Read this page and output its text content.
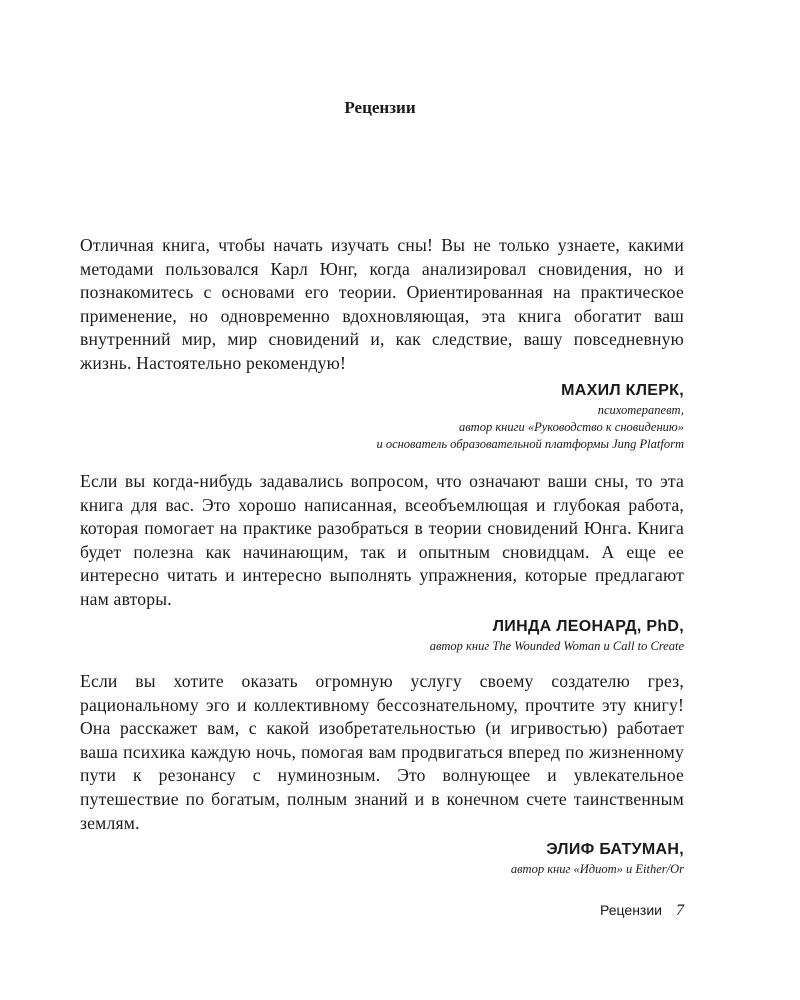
Рецензии

Отличная книга, чтобы начать изучать сны! Вы не только узнаете, какими методами пользовался Карл Юнг, когда анализировал сновидения, но и познакомитесь с основами его теории. Ориентированная на практическое применение, но одновременно вдохновляющая, эта книга обогатит ваш внутренний мир, мир сновидений и, как следствие, вашу повседневную жизнь. Настоятельно рекомендую!

МАХИЛ КЛЕРК,
психотерапевт,
автор книги «Руководство к сновидению»
и основатель образовательной платформы Jung Platform

Если вы когда-нибудь задавались вопросом, что означают ваши сны, то эта книга для вас. Это хорошо написанная, всеобъемлющая и глубокая работа, которая помогает на практике разобраться в теории сновидений Юнга. Книга будет полезна как начинающим, так и опытным сновидцам. А еще ее интересно читать и интересно выполнять упражнения, которые предлагают нам авторы.

ЛИНДА ЛЕОНАРД, PhD,
автор книг The Wounded Woman и Call to Create

Если вы хотите оказать огромную услугу своему создателю грез, рациональному эго и коллективному бессознательному, прочтите эту книгу! Она расскажет вам, с какой изобретательностью (и игривостью) работает ваша психика каждую ночь, помогая вам продвигаться вперед по жизненному пути к резонансу с нуминозным. Это волнующее и увлекательное путешествие по богатым, полным знаний и в конечном счете таинственным землям.

ЭЛИФ БАТУМАН,
автор книг «Идиот» и Either/Or
Рецензии 7
